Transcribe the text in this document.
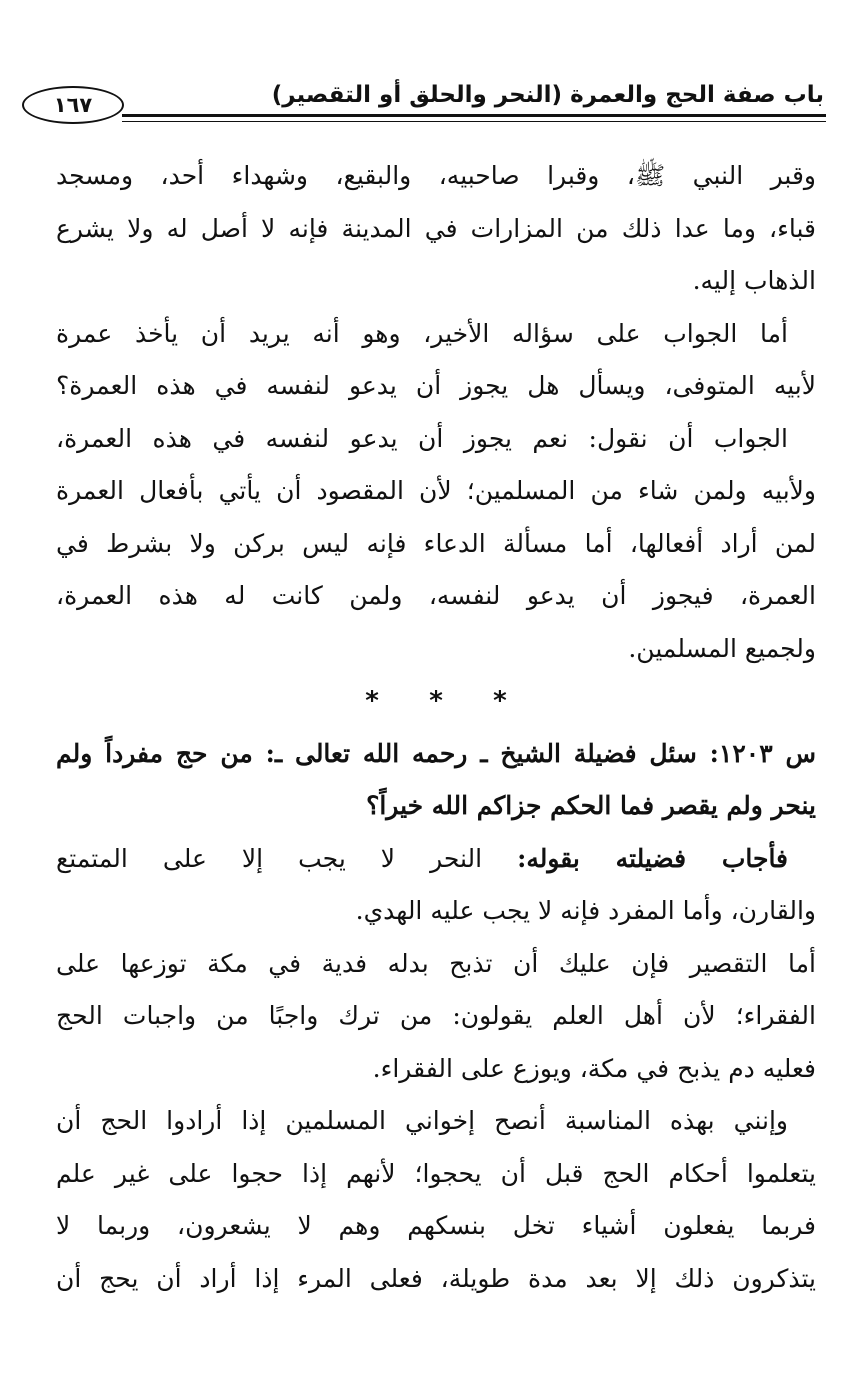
باب صفة الحج والعمرة (النحر والحلق أو التقصير)
١٦٧
وقبر النبي ﷺ، وقبرا صاحبيه، والبقيع، وشهداء أحد، ومسجد
قباء، وما عدا ذلك من المزارات في المدينة فإنه لا أصل له ولا يشرع
الذهاب إليه.
أما الجواب على سؤاله الأخير، وهو أنه يريد أن يأخذ عمرة
لأبيه المتوفى، ويسأل هل يجوز أن يدعو لنفسه في هذه العمرة؟
الجواب أن نقول: نعم يجوز أن يدعو لنفسه في هذه العمرة،
ولأبيه ولمن شاء من المسلمين؛ لأن المقصود أن يأتي بأفعال العمرة
لمن أراد أفعالها، أما مسألة الدعاء فإنه ليس بركن ولا بشرط في
العمرة، فيجوز أن يدعو لنفسه، ولمن كانت له هذه العمرة،
ولجميع المسلمين.
* * *
س ١٢٠٣: سئل فضيلة الشيخ ـ رحمه الله تعالى ـ: من حج مفرداً ولم
ينحر ولم يقصر فما الحكم جزاكم الله خيراً؟
فأجاب فضيلته بقوله: النحر لا يجب إلا على المتمتع
والقارن، وأما المفرد فإنه لا يجب عليه الهدي.
أما التقصير فإن عليك أن تذبح بدله فدية في مكة توزعها على
الفقراء؛ لأن أهل العلم يقولون: من ترك واجبًا من واجبات الحج
فعليه دم يذبح في مكة، ويوزع على الفقراء.
وإنني بهذه المناسبة أنصح إخواني المسلمين إذا أرادوا الحج أن
يتعلموا أحكام الحج قبل أن يحجوا؛ لأنهم إذا حجوا على غير علم
فربما يفعلون أشياء تخل بنسكهم وهم لا يشعرون، وربما لا
يتذكرون ذلك إلا بعد مدة طويلة، فعلى المرء إذا أراد أن يحج أن
